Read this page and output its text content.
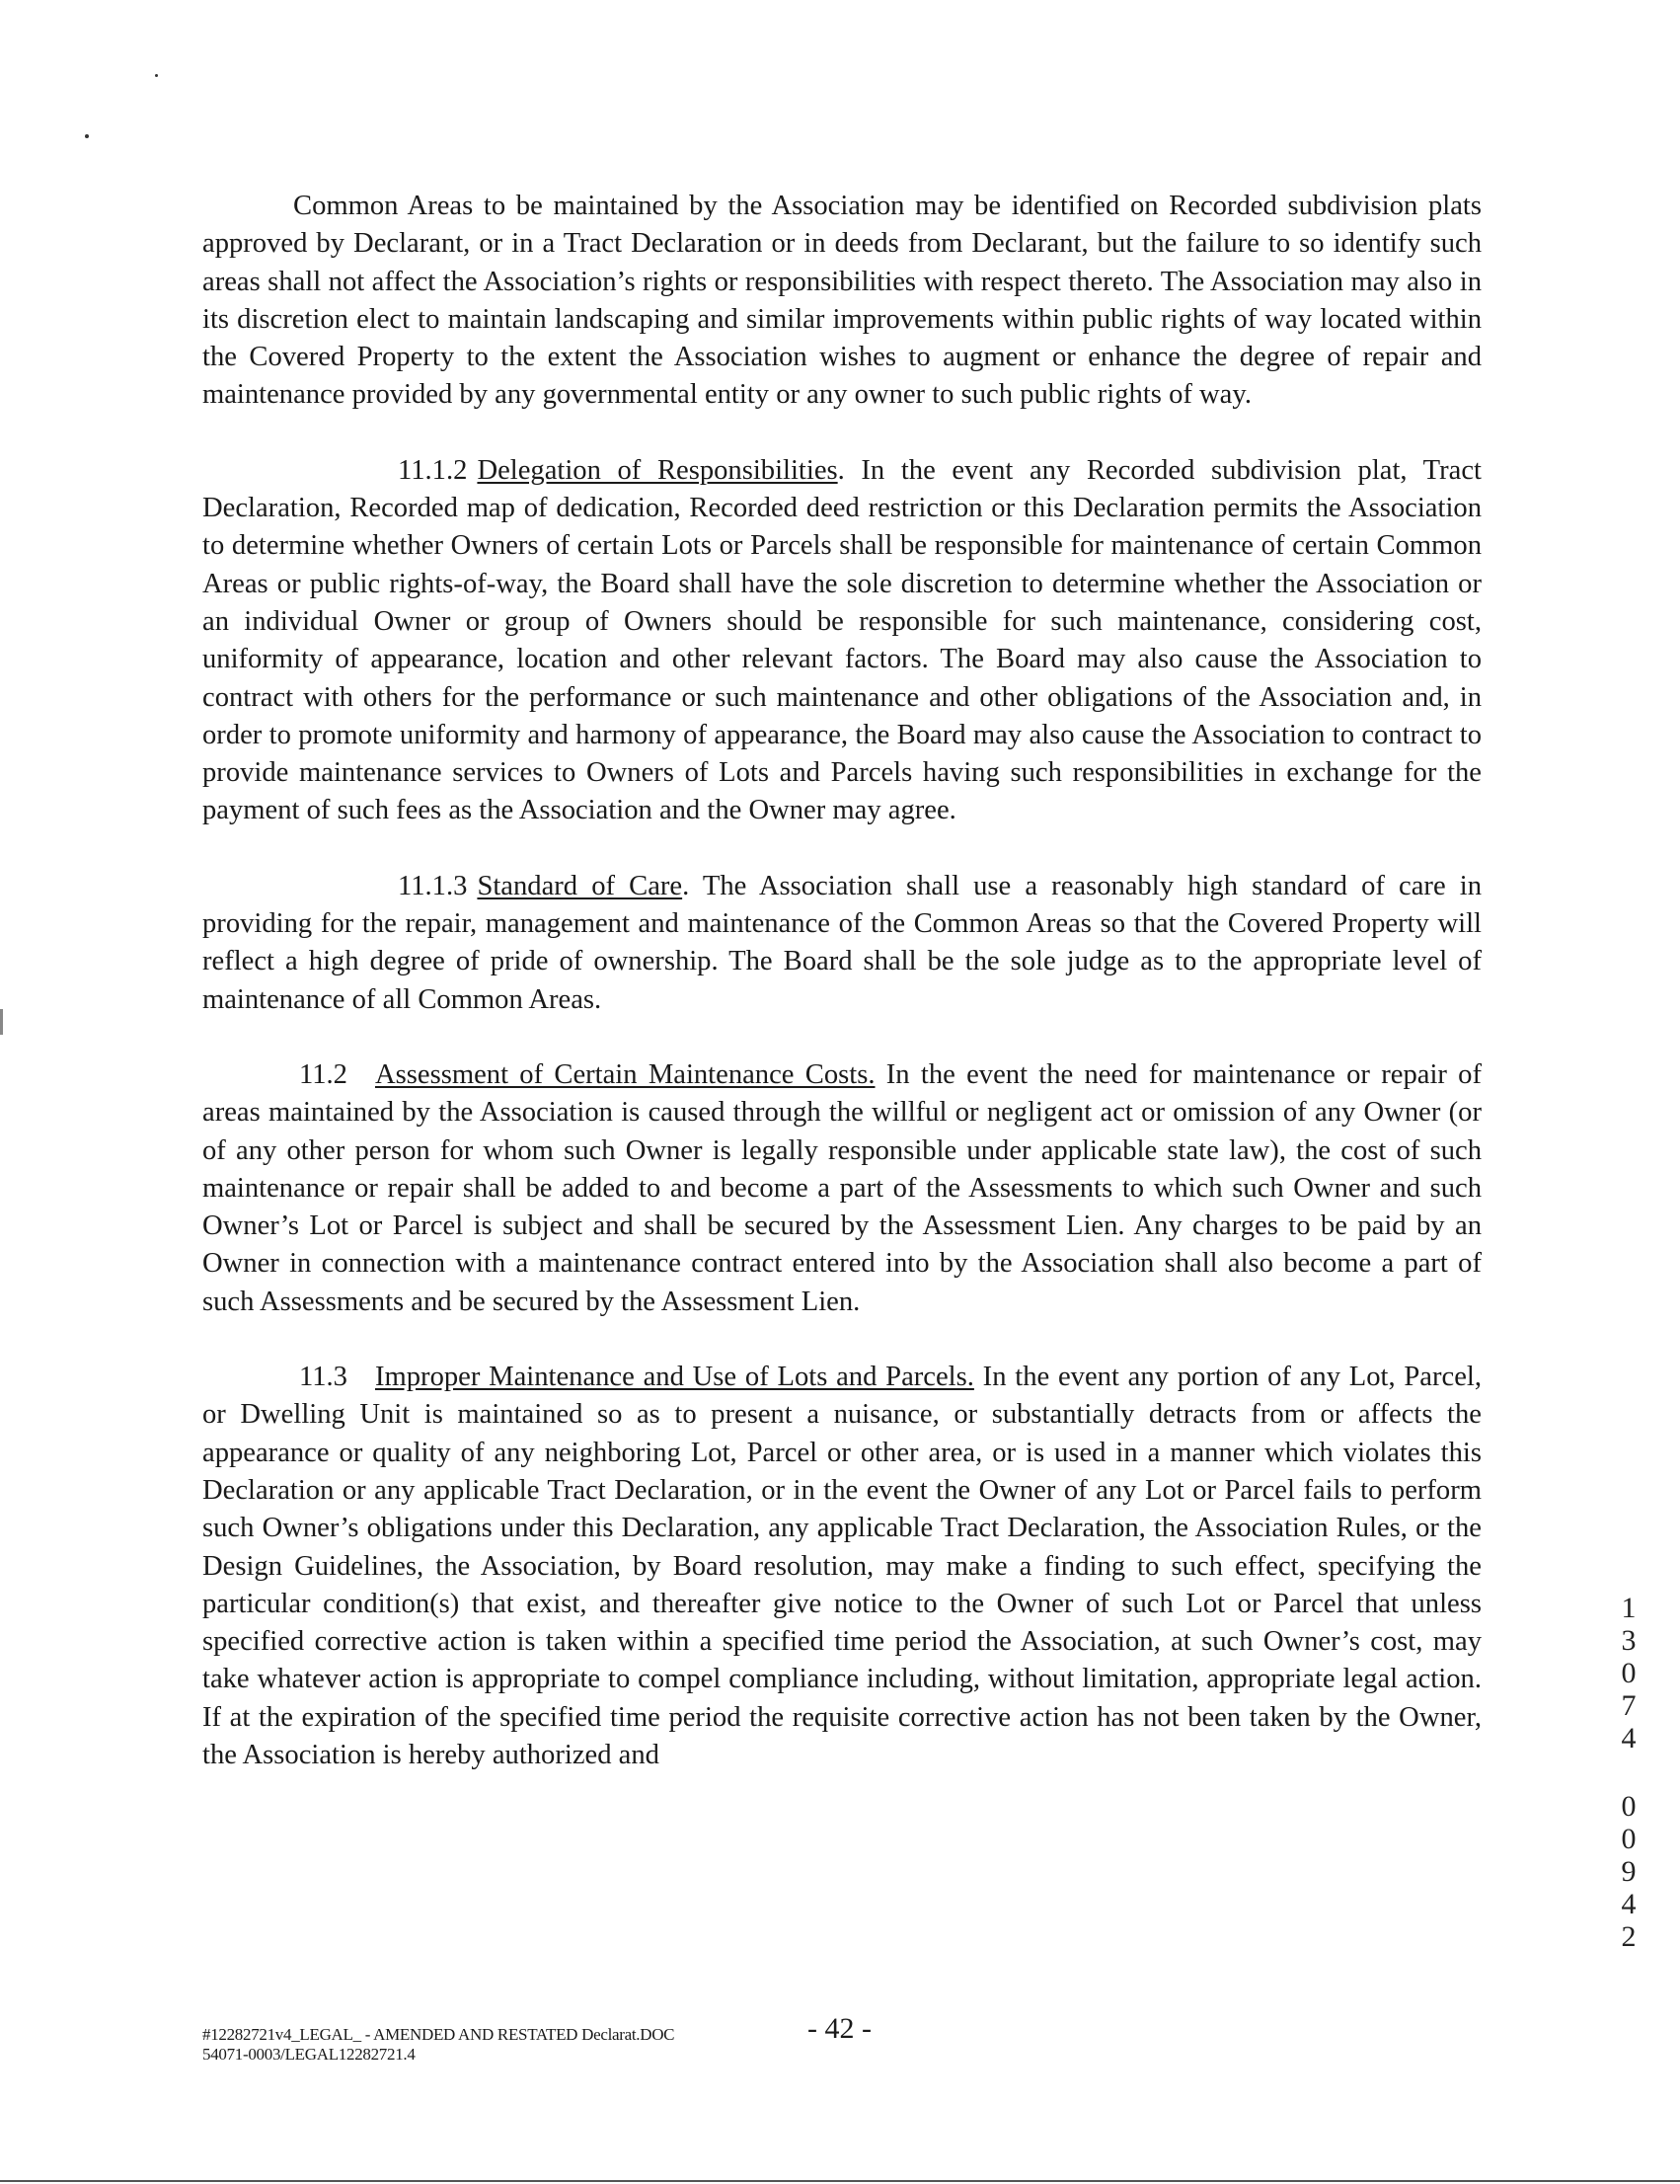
Common Areas to be maintained by the Association may be identified on Recorded subdivision plats approved by Declarant, or in a Tract Declaration or in deeds from Declarant, but the failure to so identify such areas shall not affect the Association’s rights or responsibilities with respect thereto. The Association may also in its discretion elect to maintain landscaping and similar improvements within public rights of way located within the Covered Property to the extent the Association wishes to augment or enhance the degree of repair and maintenance provided by any governmental entity or any owner to such public rights of way.

11.1.2 Delegation of Responsibilities. In the event any Recorded subdivision plat, Tract Declaration, Recorded map of dedication, Recorded deed restriction or this Declaration permits the Association to determine whether Owners of certain Lots or Parcels shall be responsible for maintenance of certain Common Areas or public rights-of-way, the Board shall have the sole discretion to determine whether the Association or an individual Owner or group of Owners should be responsible for such maintenance, considering cost, uniformity of appearance, location and other relevant factors. The Board may also cause the Association to contract with others for the performance or such maintenance and other obligations of the Association and, in order to promote uniformity and harmony of appearance, the Board may also cause the Association to contract to provide maintenance services to Owners of Lots and Parcels having such responsibilities in exchange for the payment of such fees as the Association and the Owner may agree.

11.1.3 Standard of Care. The Association shall use a reasonably high standard of care in providing for the repair, management and maintenance of the Common Areas so that the Covered Property will reflect a high degree of pride of ownership. The Board shall be the sole judge as to the appropriate level of maintenance of all Common Areas.

11.2 Assessment of Certain Maintenance Costs. In the event the need for maintenance or repair of areas maintained by the Association is caused through the willful or negligent act or omission of any Owner (or of any other person for whom such Owner is legally responsible under applicable state law), the cost of such maintenance or repair shall be added to and become a part of the Assessments to which such Owner and such Owner’s Lot or Parcel is subject and shall be secured by the Assessment Lien. Any charges to be paid by an Owner in connection with a maintenance contract entered into by the Association shall also become a part of such Assessments and be secured by the Assessment Lien.

11.3 Improper Maintenance and Use of Lots and Parcels. In the event any portion of any Lot, Parcel, or Dwelling Unit is maintained so as to present a nuisance, or substantially detracts from or affects the appearance or quality of any neighboring Lot, Parcel or other area, or is used in a manner which violates this Declaration or any applicable Tract Declaration, or in the event the Owner of any Lot or Parcel fails to perform such Owner’s obligations under this Declaration, any applicable Tract Declaration, the Association Rules, or the Design Guidelines, the Association, by Board resolution, may make a finding to such effect, specifying the particular condition(s) that exist, and thereafter give notice to the Owner of such Lot or Parcel that unless specified corrective action is taken within a specified time period the Association, at such Owner’s cost, may take whatever action is appropriate to compel compliance including, without limitation, appropriate legal action. If at the expiration of the specified time period the requisite corrective action has not been taken by the Owner, the Association is hereby authorized and

#12282721v4_LEGAL_ - AMENDED AND RESTATED Declarat.DOC
54071-0003/LEGAL12282721.4
- 42 -
1
3
0
7
4
0
0
9
4
2
